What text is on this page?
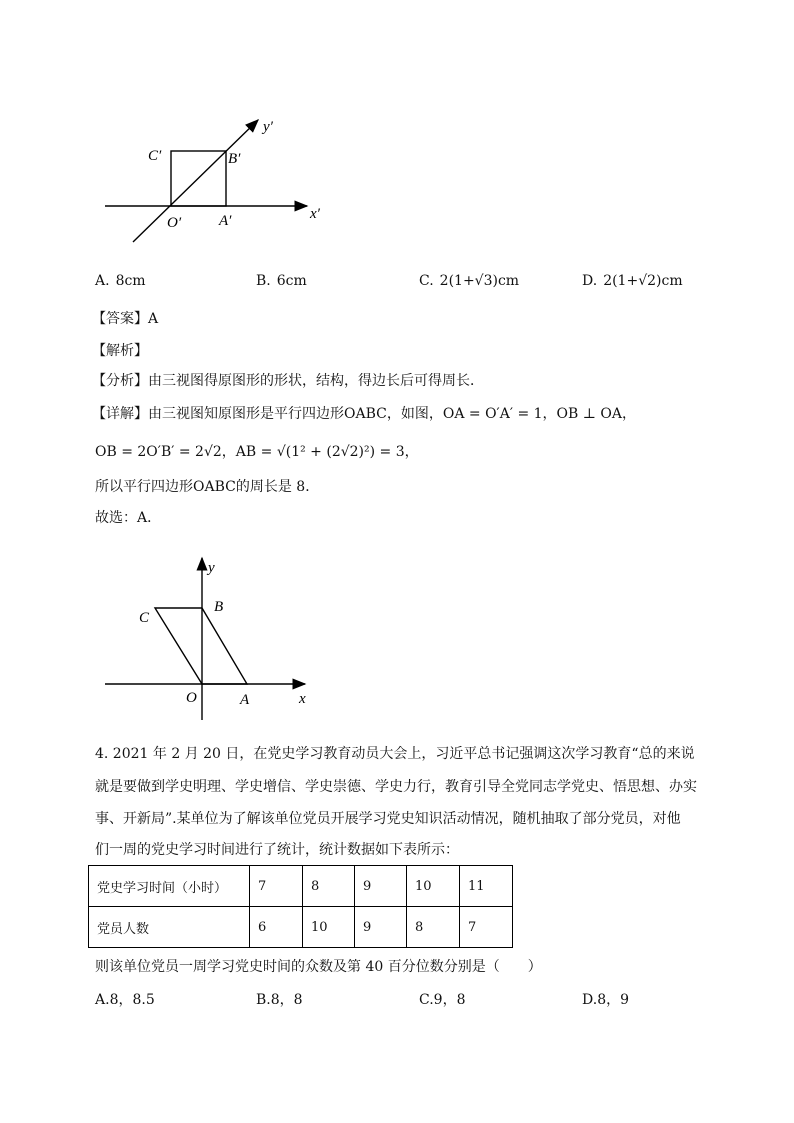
C′	B′
O′	A′	x′
y′
A. 8cm	B. 6cm	C. 2(1+√3)cm	D. 2(1+√2)cm
【答案】A
【解析】
【分析】由三视图得原图形的形状，结构，得边长后可得周长．
【详解】由三视图知原图形是平行四边形OABC，如图，OA = O′A′ = 1，OB ⊥ OA，
OB = 2O′B′ = 2√2，AB = √(1² + (2√2)²) = 3，
所以平行四边形OABC的周长是 8．
故选：A．
C
B
O	A	x
y
4. 2021 年 2 月 20 日，在党史学习教育动员大会上，习近平总书记强调这次学习教育“总的来说
就是要做到学史明理、学史增信、学史崇德、学史力行，教育引导全党同志学党史、悟思想、办实
事、开新局”.某单位为了解该单位党员开展学习党史知识活动情况，随机抽取了部分党员，对他
们一周的党史学习时间进行了统计，统计数据如下表所示：
党史学习时间（小时）	7	8	9	10	11
党员人数	6	10	9	8	7
则该单位党员一周学习党史时间的众数及第 40 百分位数分别是（　　）
A.8，8.5	B.8，8	C.9，8	D.8，9
